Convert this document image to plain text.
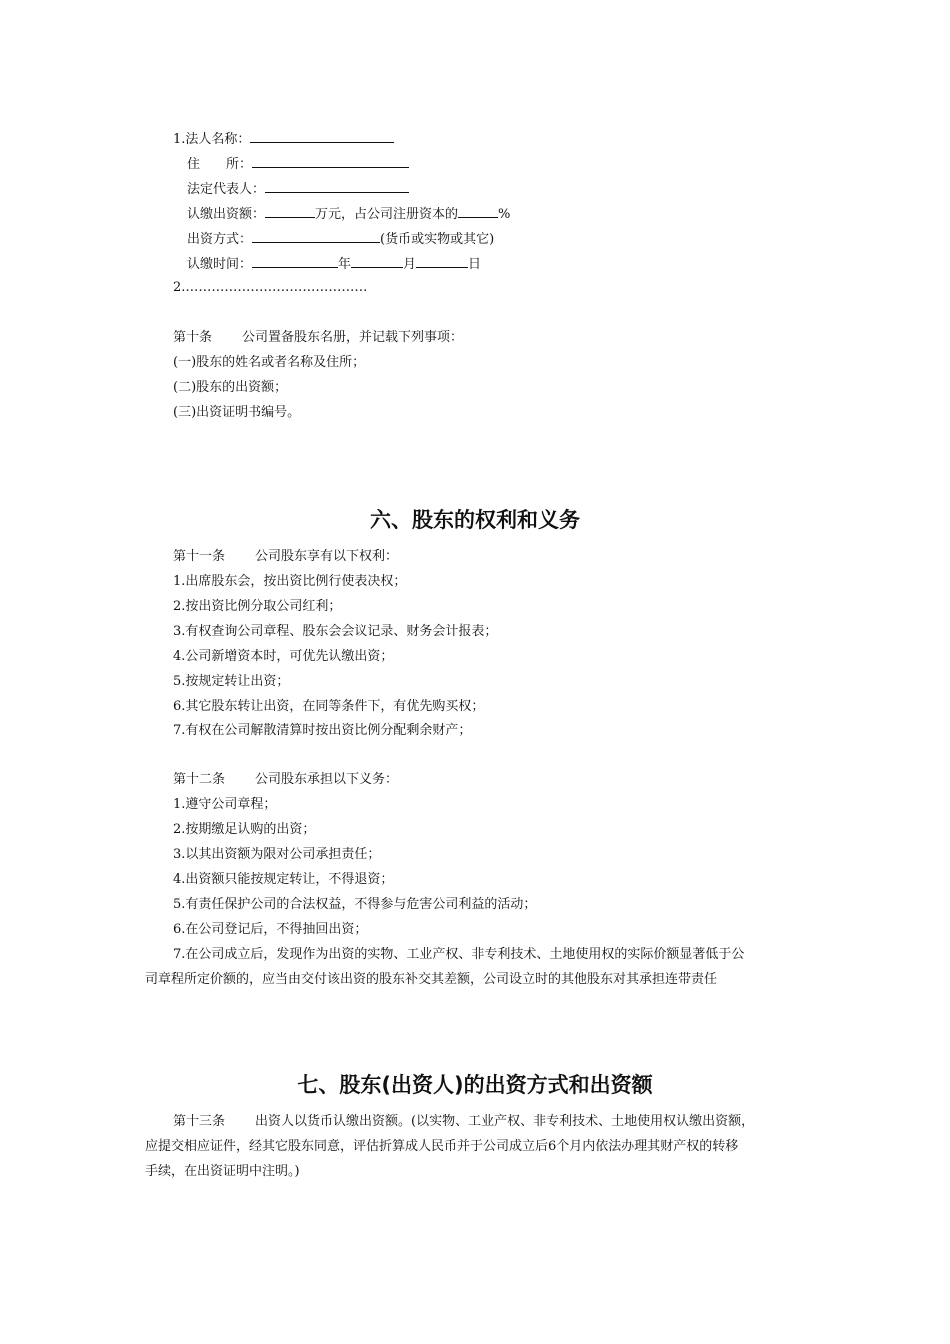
1.法人名称：
住　　所：
法定代表人：
认缴出资额：	万元，占公司注册资本的	%
出资方式：	(货币或实物或其它)
认缴时间：	年	月	日
2.……………………………………
第十条 公司置备股东名册，并记载下列事项：
(一)股东的姓名或者名称及住所；
(二)股东的出资额；
(三)出资证明书编号。
六、股东的权利和义务
第十一条 公司股东享有以下权利：
1.出席股东会，按出资比例行使表决权；
2.按出资比例分取公司红利；
3.有权查询公司章程、股东会会议记录、财务会计报表；
4.公司新增资本时，可优先认缴出资；
5.按规定转让出资；
6.其它股东转让出资，在同等条件下，有优先购买权；
7.有权在公司解散清算时按出资比例分配剩余财产；
第十二条 公司股东承担以下义务：
1.遵守公司章程；
2.按期缴足认购的出资；
3.以其出资额为限对公司承担责任；
4.出资额只能按规定转让，不得退资；
5.有责任保护公司的合法权益，不得参与危害公司利益的活动；
6.在公司登记后，不得抽回出资；
7.在公司成立后，发现作为出资的实物、工业产权、非专利技术、土地使用权的实际价额显著低于公
司章程所定价额的，应当由交付该出资的股东补交其差额，公司设立时的其他股东对其承担连带责任
七、股东(出资人)的出资方式和出资额
第十三条 出资人以货币认缴出资额。(以实物、工业产权、非专利技术、土地使用权认缴出资额，
应提交相应证件，经其它股东同意，评估折算成人民币并于公司成立后6个月内依法办理其财产权的转移
手续，在出资证明中注明。)
